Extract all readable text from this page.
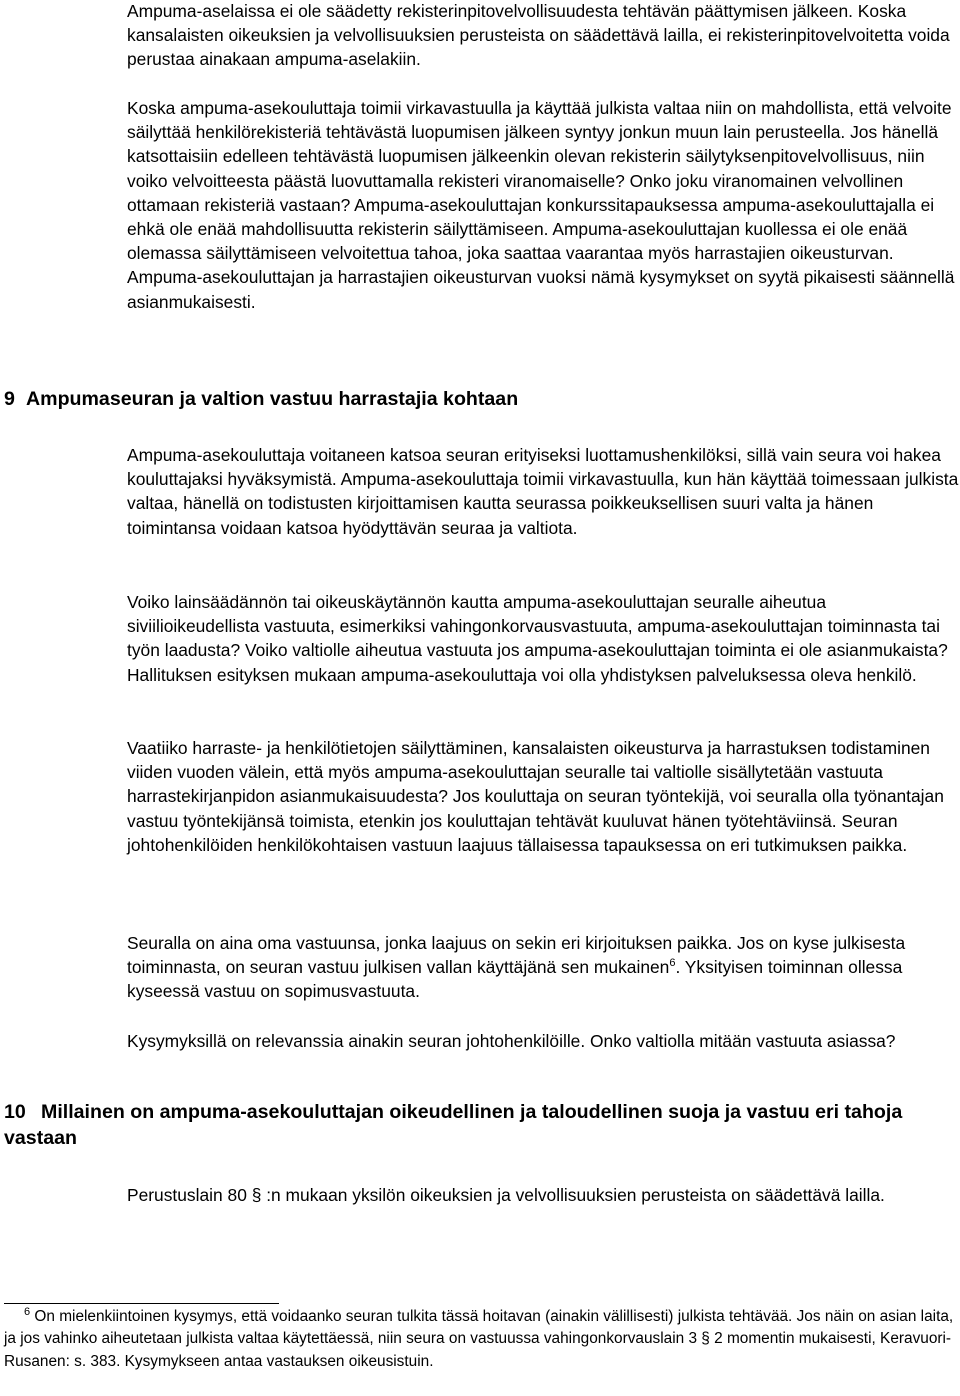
Ampuma-aselaissa ei ole säädetty rekisterinpitovelvollisuudesta tehtävän päättymisen jälkeen. Koska kansalaisten oikeuksien ja velvollisuuksien perusteista on säädettävä lailla, ei rekisterinpitovelvoitetta voida perustaa ainakaan ampuma-aselakiin.

Koska ampuma-asekouluttaja toimii virkavastuulla ja käyttää julkista valtaa niin on mahdollista, että velvoite säilyttää henkilörekisteriä tehtävästä luopumisen jälkeen syntyy jonkun muun lain perusteella. Jos hänellä katsottaisiin edelleen tehtävästä luopumisen jälkeenkin olevan rekisterin säilytyksenpitovelvollisuus, niin voiko velvoitteesta päästä luovuttamalla rekisteri viranomaiselle? Onko joku viranomainen velvollinen ottamaan rekisteriä vastaan? Ampuma-asekouluttajan konkurssitapauksessa ampuma-asekouluttajalla ei ehkä ole enää mahdollisuutta rekisterin säilyttämiseen. Ampuma-asekouluttajan kuollessa ei ole enää olemassa säilyttämiseen velvoitettua tahoa, joka saattaa vaarantaa myös harrastajien oikeusturvan. Ampuma-asekouluttajan ja harrastajien oikeusturvan vuoksi nämä kysymykset on syytä pikaisesti säännellä asianmukaisesti.

9 Ampumaseuran ja valtion vastuu harrastajia kohtaan

Ampuma-asekouluttaja voitaneen katsoa seuran erityiseksi luottamushenkilöksi, sillä vain seura voi hakea kouluttajaksi hyväksymistä. Ampuma-asekouluttaja toimii virkavastuulla, kun hän käyttää toimessaan julkista valtaa, hänellä on todistusten kirjoittamisen kautta seurassa poikkeuksellisen suuri valta ja hänen toimintansa voidaan katsoa hyödyttävän seuraa ja valtiota.

Voiko lainsäädännön tai oikeuskäytännön kautta ampuma-asekouluttajan seuralle aiheutua siviilioikeudellista vastuuta, esimerkiksi vahingonkorvausvastuuta, ampuma-asekouluttajan toiminnasta tai työn laadusta? Voiko valtiolle aiheutua vastuuta jos ampuma-asekouluttajan toiminta ei ole asianmukaista? Hallituksen esityksen mukaan ampuma-asekouluttaja voi olla yhdistyksen palveluksessa oleva henkilö.

Vaatiiko harraste- ja henkilötietojen säilyttäminen, kansalaisten oikeusturva ja harrastuksen todistaminen viiden vuoden välein, että myös ampuma-asekouluttajan seuralle tai valtiolle sisällytetään vastuuta harrastekirjanpidon asianmukaisuudesta? Jos kouluttaja on seuran työntekijä, voi seuralla olla työnantajan vastuu työntekijänsä toimista, etenkin jos kouluttajan tehtävät kuuluvat hänen työtehtäviinsä. Seuran johtohenkilöiden henkilökohtaisen vastuun laajuus tällaisessa tapauksessa on eri tutkimuksen paikka.

Seuralla on aina oma vastuunsa, jonka laajuus on sekin eri kirjoituksen paikka. Jos on kyse julkisesta toiminnasta, on seuran vastuu julkisen vallan käyttäjänä sen mukainen$^6$. Yksityisen toiminnan ollessa kyseessä vastuu on sopimusvastuuta.

Kysymyksillä on relevanssia ainakin seuran johtohenkilöille. Onko valtiolla mitään vastuuta asiassa?

10 Millainen on ampuma-asekouluttajan oikeudellinen ja taloudellinen suoja ja vastuu eri tahoja vastaan

Perustuslain 80 § :n mukaan yksilön oikeuksien ja velvollisuuksien perusteista on säädettävä lailla.

$^6$ On mielenkiintoinen kysymys, että voidaanko seuran tulkita tässä hoitavan (ainakin välillisesti) julkista tehtävää. Jos näin on asian laita, ja jos vahinko aiheutetaan julkista valtaa käytettäessä, niin seura on vastuussa vahingonkorvauslain 3 § 2 momentin mukaisesti, Keravuori-Rusanen: s. 383. Kysymykseen antaa vastauksen oikeusistuin.
